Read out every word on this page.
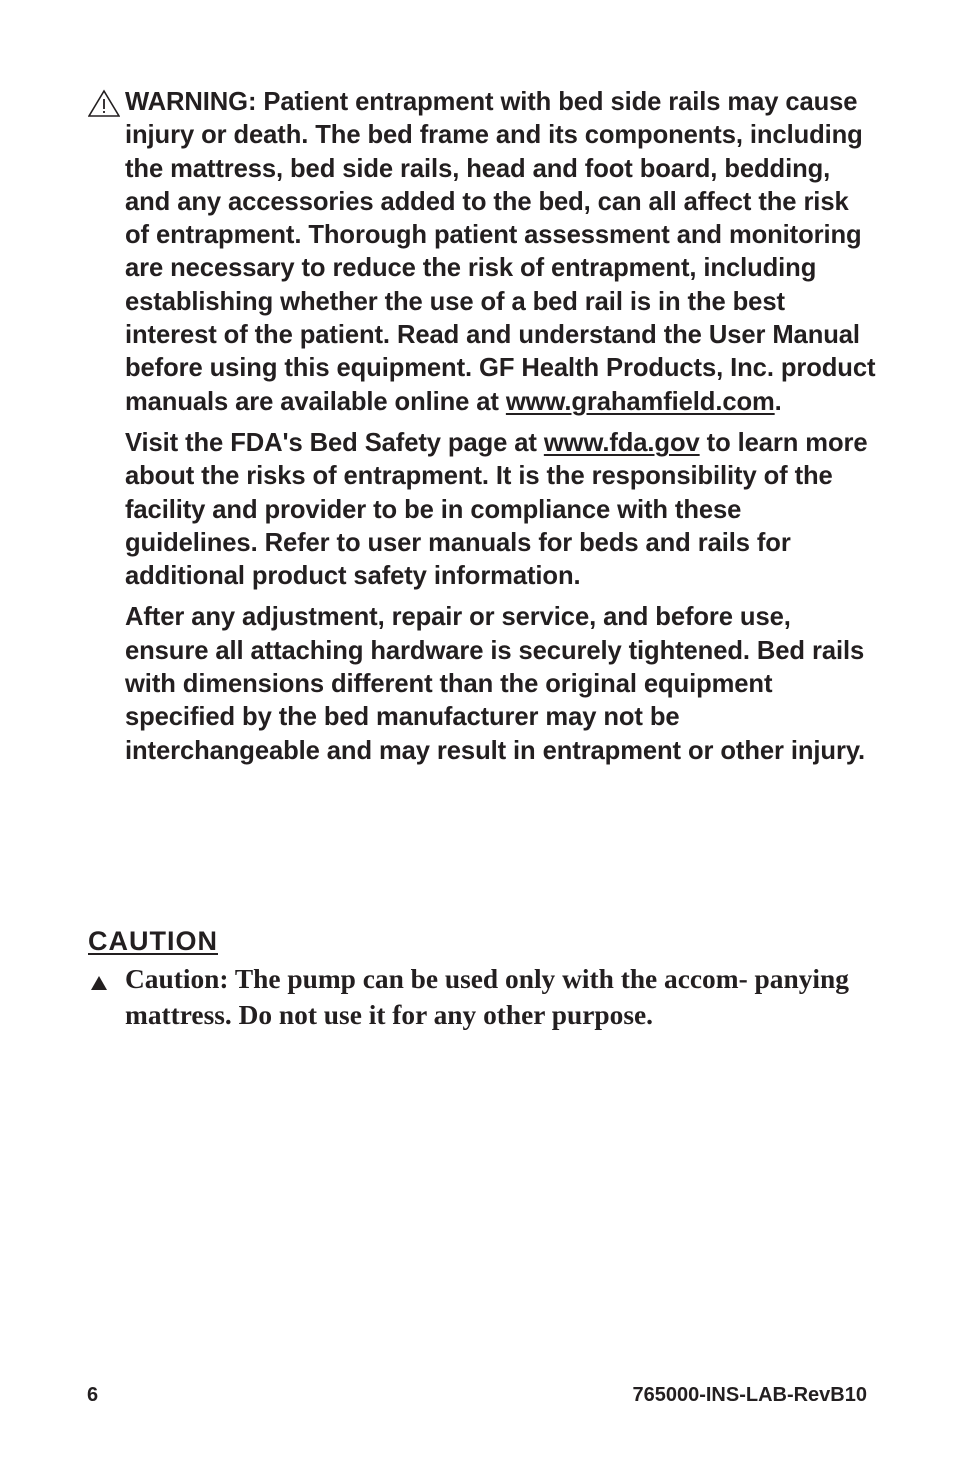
WARNING: Patient entrapment with bed side rails may cause injury or death. The bed frame and its components, including the mattress, bed side rails, head and foot board, bedding, and any accessories added to the bed, can all affect the risk of entrapment. Thorough patient assessment and monitoring are necessary to reduce the risk of entrapment, including establishing whether the use of a bed rail is in the best interest of the patient. Read and understand the User Manual before using this equipment. GF Health Products, Inc. product manuals are available online at www.grahamfield.com.

Visit the FDA's Bed Safety page at www.fda.gov to learn more about the risks of entrapment. It is the responsibility of the facility and provider to be in compliance with these guidelines. Refer to user manuals for beds and rails for additional product safety information.

After any adjustment, repair or service, and before use, ensure all attaching hardware is securely tightened. Bed rails with dimensions different than the original equipment specified by the bed manufacturer may not be interchangeable and may result in entrapment or other injury.

CAUTION

Caution: The pump can be used only with the accom- panying mattress. Do not use it for any other purpose.

6	765000-INS-LAB-RevB10
